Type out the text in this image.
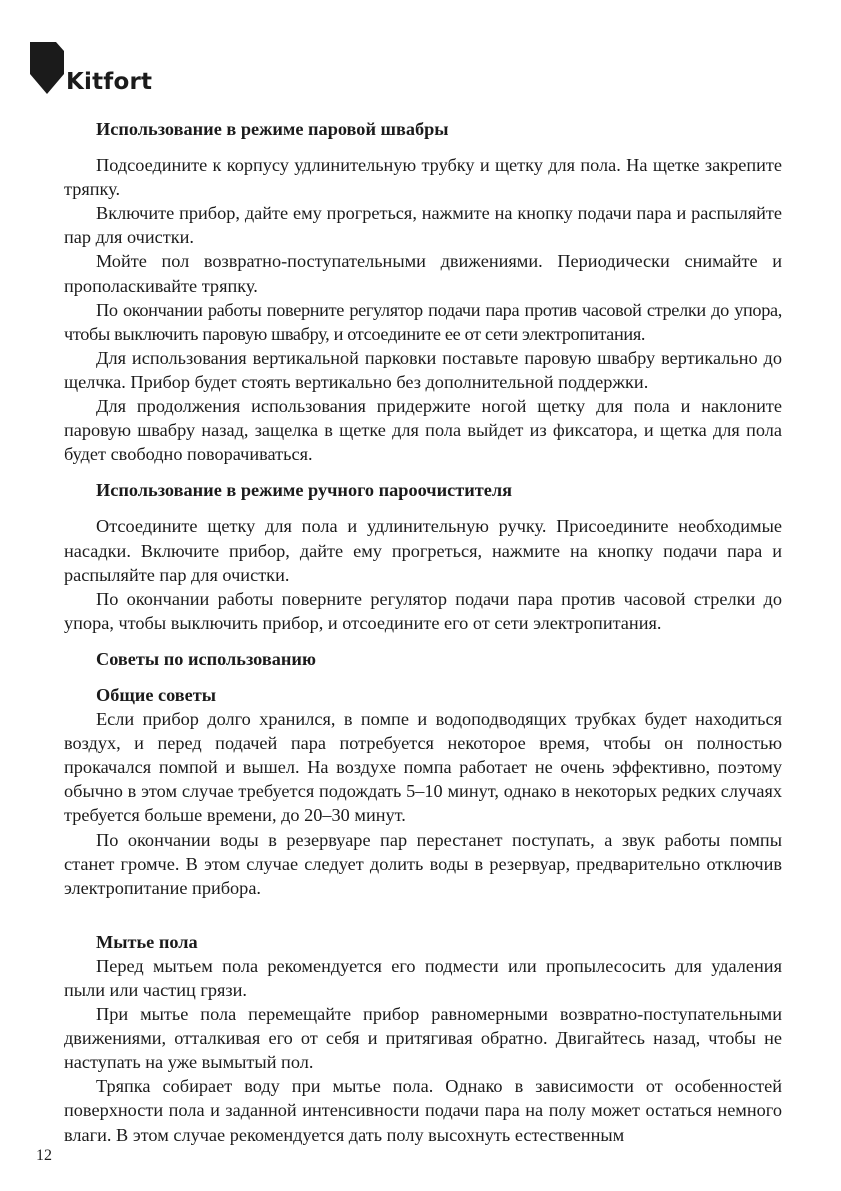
Kitfort

Использование в режиме паровой швабры

Подсоедините к корпусу удлинительную трубку и щетку для пола. На щетке закрепите тряпку.

Включите прибор, дайте ему прогреться, нажмите на кнопку подачи пара и распыляйте пар для очистки.

Мойте пол возвратно-поступательными движениями. Периодически снимайте и прополаскивайте тряпку.

По окончании работы поверните регулятор подачи пара против часовой стрелки до упора, чтобы выключить паровую швабру, и отсоедините ее от сети электропитания.

Для использования вертикальной парковки поставьте паровую швабру вертикально до щелчка. Прибор будет стоять вертикально без дополнительной поддержки.

Для продолжения использования придержите ногой щетку для пола и наклоните паровую швабру назад, защелка в щетке для пола выйдет из фиксатора, и щетка для пола будет свободно поворачиваться.

Использование в режиме ручного пароочистителя

Отсоедините щетку для пола и удлинительную ручку. Присоедините необходимые насадки. Включите прибор, дайте ему прогреться, нажмите на кнопку подачи пара и распыляйте пар для очистки.

По окончании работы поверните регулятор подачи пара против часовой стрелки до упора, чтобы выключить прибор, и отсоедините его от сети электропитания.

Советы по использованию

Общие советы

Если прибор долго хранился, в помпе и водоподводящих трубках будет находиться воздух, и перед подачей пара потребуется некоторое время, чтобы он полностью прокачался помпой и вышел. На воздухе помпа работает не очень эффективно, поэтому обычно в этом случае требуется подождать 5–10 минут, однако в некоторых редких случаях требуется больше времени, до 20–30 минут.

По окончании воды в резервуаре пар перестанет поступать, а звук работы помпы станет громче. В этом случае следует долить воды в резервуар, предварительно отключив электропитание прибора.

Мытье пола

Перед мытьем пола рекомендуется его подмести или пропылесосить для удаления пыли или частиц грязи.

При мытье пола перемещайте прибор равномерными возвратно-поступательными движениями, отталкивая его от себя и притягивая обратно. Двигайтесь назад, чтобы не наступать на уже вымытый пол.

Тряпка собирает воду при мытье пола. Однако в зависимости от особенностей поверхности пола и заданной интенсивности подачи пара на полу может остаться немного влаги. В этом случае рекомендуется дать полу высохнуть естественным

12
